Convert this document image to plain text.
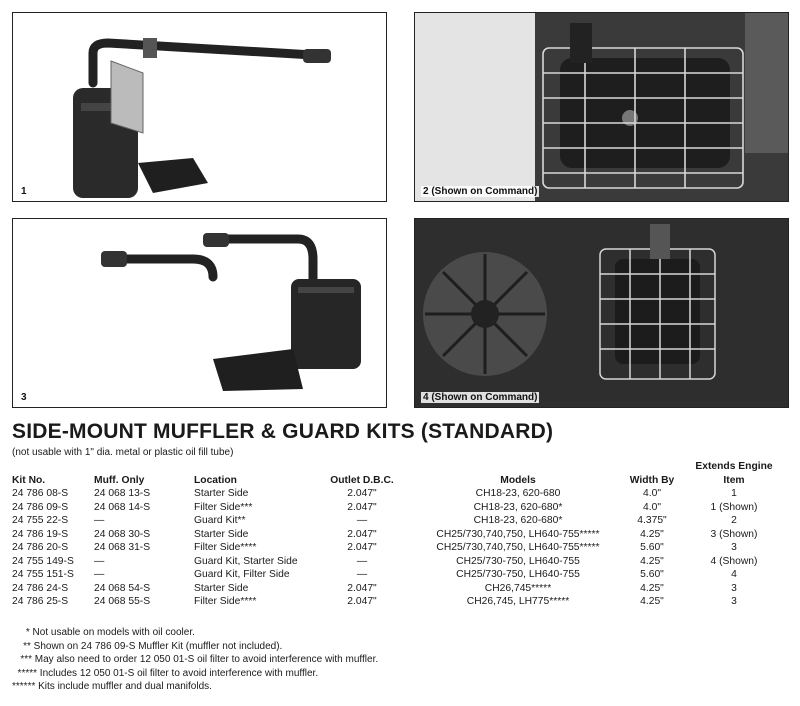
1	2 (Shown on Command)
3	4 (Shown on Command)
SIDE-MOUNT MUFFLER & GUARD KITS (STANDARD)
(not usable with 1" dia. metal or plastic oil fill tube)
						Extends Engine
Kit No.	Muff. Only	Location	Outlet D.B.C.	Models	Width By	Item
24 786 08-S	24 068 13-S	Starter Side	2.047"	CH18-23, 620-680	4.0"	1
24 786 09-S	24 068 14-S	Filter Side***	2.047"	CH18-23, 620-680*	4.0"	1 (Shown)
24 755 22-S	—	Guard Kit**	—	CH18-23, 620-680*	4.375"	2
24 786 19-S	24 068 30-S	Starter Side	2.047"	CH25/730,740,750, LH640-755*****	4.25"	3 (Shown)
24 786 20-S	24 068 31-S	Filter Side****	2.047"	CH25/730,740,750, LH640-755*****	5.60"	3
24 755 149-S	—	Guard Kit, Starter Side	—	CH25/730-750, LH640-755	4.25"	4 (Shown)
24 755 151-S	—	Guard Kit, Filter Side	—	CH25/730-750, LH640-755	5.60"	4
24 786 24-S	24 068 54-S	Starter Side	2.047"	CH26,745*****	4.25"	3
24 786 25-S	24 068 55-S	Filter Side****	2.047"	CH26,745, LH775*****	4.25"	3
* Not usable on models with oil cooler.
** Shown on 24 786 09-S Muffler Kit (muffler not included).
*** May also need to order 12 050 01-S oil filter to avoid interference with muffler.
***** Includes 12 050 01-S oil filter to avoid interference with muffler.
****** Kits include muffler and dual manifolds.
